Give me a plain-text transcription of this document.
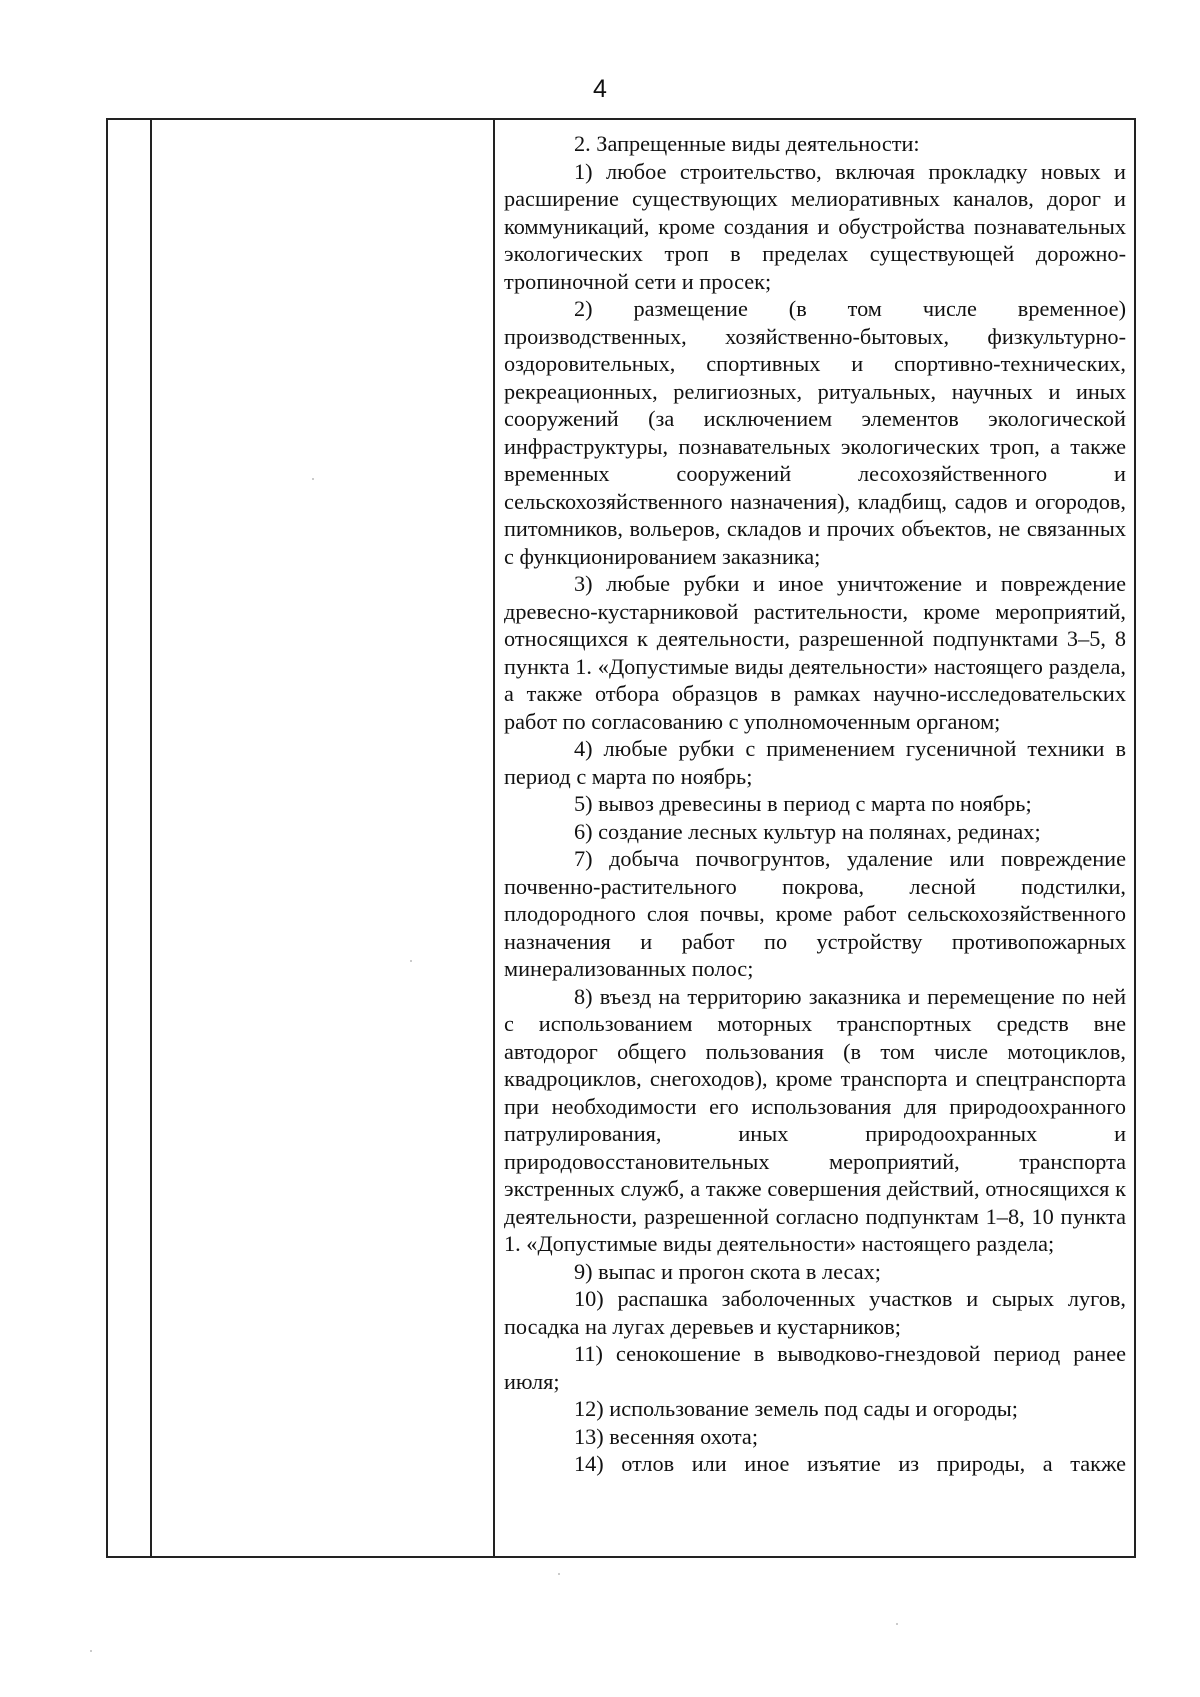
4

2. Запрещенные виды деятельности:

1) любое строительство, включая прокладку новых и расширение существующих мелиоративных каналов, дорог и коммуникаций, кроме создания и обустройства познавательных экологических троп в пределах существующей дорожно-тропиночной сети и просек;

2) размещение (в том числе временное) производственных, хозяйственно-бытовых, физкультурно-оздоровительных, спортивных и спортивно-технических, рекреационных, религиозных, ритуальных, научных и иных сооружений (за исключением элементов экологической инфраструктуры, познавательных экологических троп, а также временных сооружений лесохозяйственного и сельскохозяйственного назначения), кладбищ, садов и огородов, питомников, вольеров, складов и прочих объектов, не связанных с функционированием заказника;

3) любые рубки и иное уничтожение и повреждение древесно-кустарниковой растительности, кроме мероприятий, относящихся к деятельности, разрешенной подпунктами 3–5, 8 пункта 1. «Допустимые виды деятельности» настоящего раздела, а также отбора образцов в рамках научно-исследовательских работ по согласованию с уполномоченным органом;

4) любые рубки с применением гусеничной техники в период с марта по ноябрь;

5) вывоз древесины в период с марта по ноябрь;

6) создание лесных культур на полянах, рединах;

7) добыча почвогрунтов, удаление или повреждение почвенно-растительного покрова, лесной подстилки, плодородного слоя почвы, кроме работ сельскохозяйственного назначения и работ по устройству противопожарных минерализованных полос;

8) въезд на территорию заказника и перемещение по ней с использованием моторных транспортных средств вне автодорог общего пользования (в том числе мотоциклов, квадроциклов, снегоходов), кроме транспорта и спецтранспорта при необходимости его использования для природоохранного патрулирования, иных природоохранных и природовосстановительных мероприятий, транспорта экстренных служб, а также совершения действий, относящихся к деятельности, разрешенной согласно подпунктам 1–8, 10 пункта 1. «Допустимые виды деятельности» настоящего раздела;

9) выпас и прогон скота в лесах;

10) распашка заболоченных участков и сырых лугов, посадка на лугах деревьев и кустарников;

11) сенокошение в выводково-гнездовой период ранее июля;

12) использование земель под сады и огороды;

13) весенняя охота;

14) отлов или иное изъятие из природы, а также
